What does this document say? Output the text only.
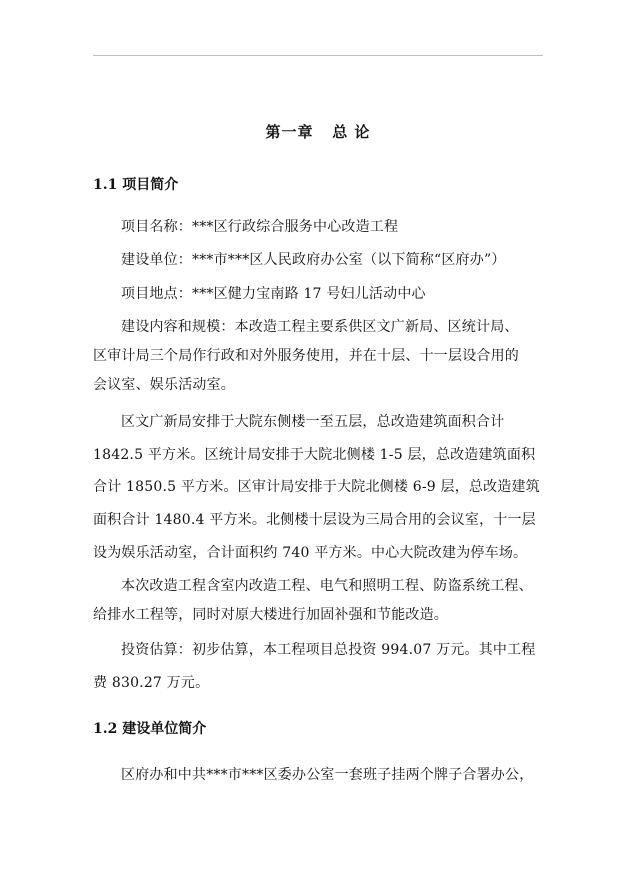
第一章   总 论
1.1 项目简介
项目名称：***区行政综合服务中心改造工程
建设单位：***市***区人民政府办公室（以下简称“区府办”）
项目地点：***区健力宝南路 17 号妇儿活动中心
建设内容和规模：本改造工程主要系供区文广新局、区统计局、
区审计局三个局作行政和对外服务使用，并在十层、十一层设合用的
会议室、娱乐活动室。
区文广新局安排于大院东侧楼一至五层，总改造建筑面积合计
1842.5 平方米。区统计局安排于大院北侧楼 1-5 层，总改造建筑面积
合计 1850.5 平方米。区审计局安排于大院北侧楼 6-9 层，总改造建筑
面积合计 1480.4 平方米。北侧楼十层设为三局合用的会议室，十一层
设为娱乐活动室，合计面积约 740 平方米。中心大院改建为停车场。
本次改造工程含室内改造工程、电气和照明工程、防盗系统工程、
给排水工程等，同时对原大楼进行加固补强和节能改造。
投资估算：初步估算，本工程项目总投资 994.07 万元。其中工程
费 830.27 万元。
1.2 建设单位简介
区府办和中共***市***区委办公室一套班子挂两个牌子合署办公，
